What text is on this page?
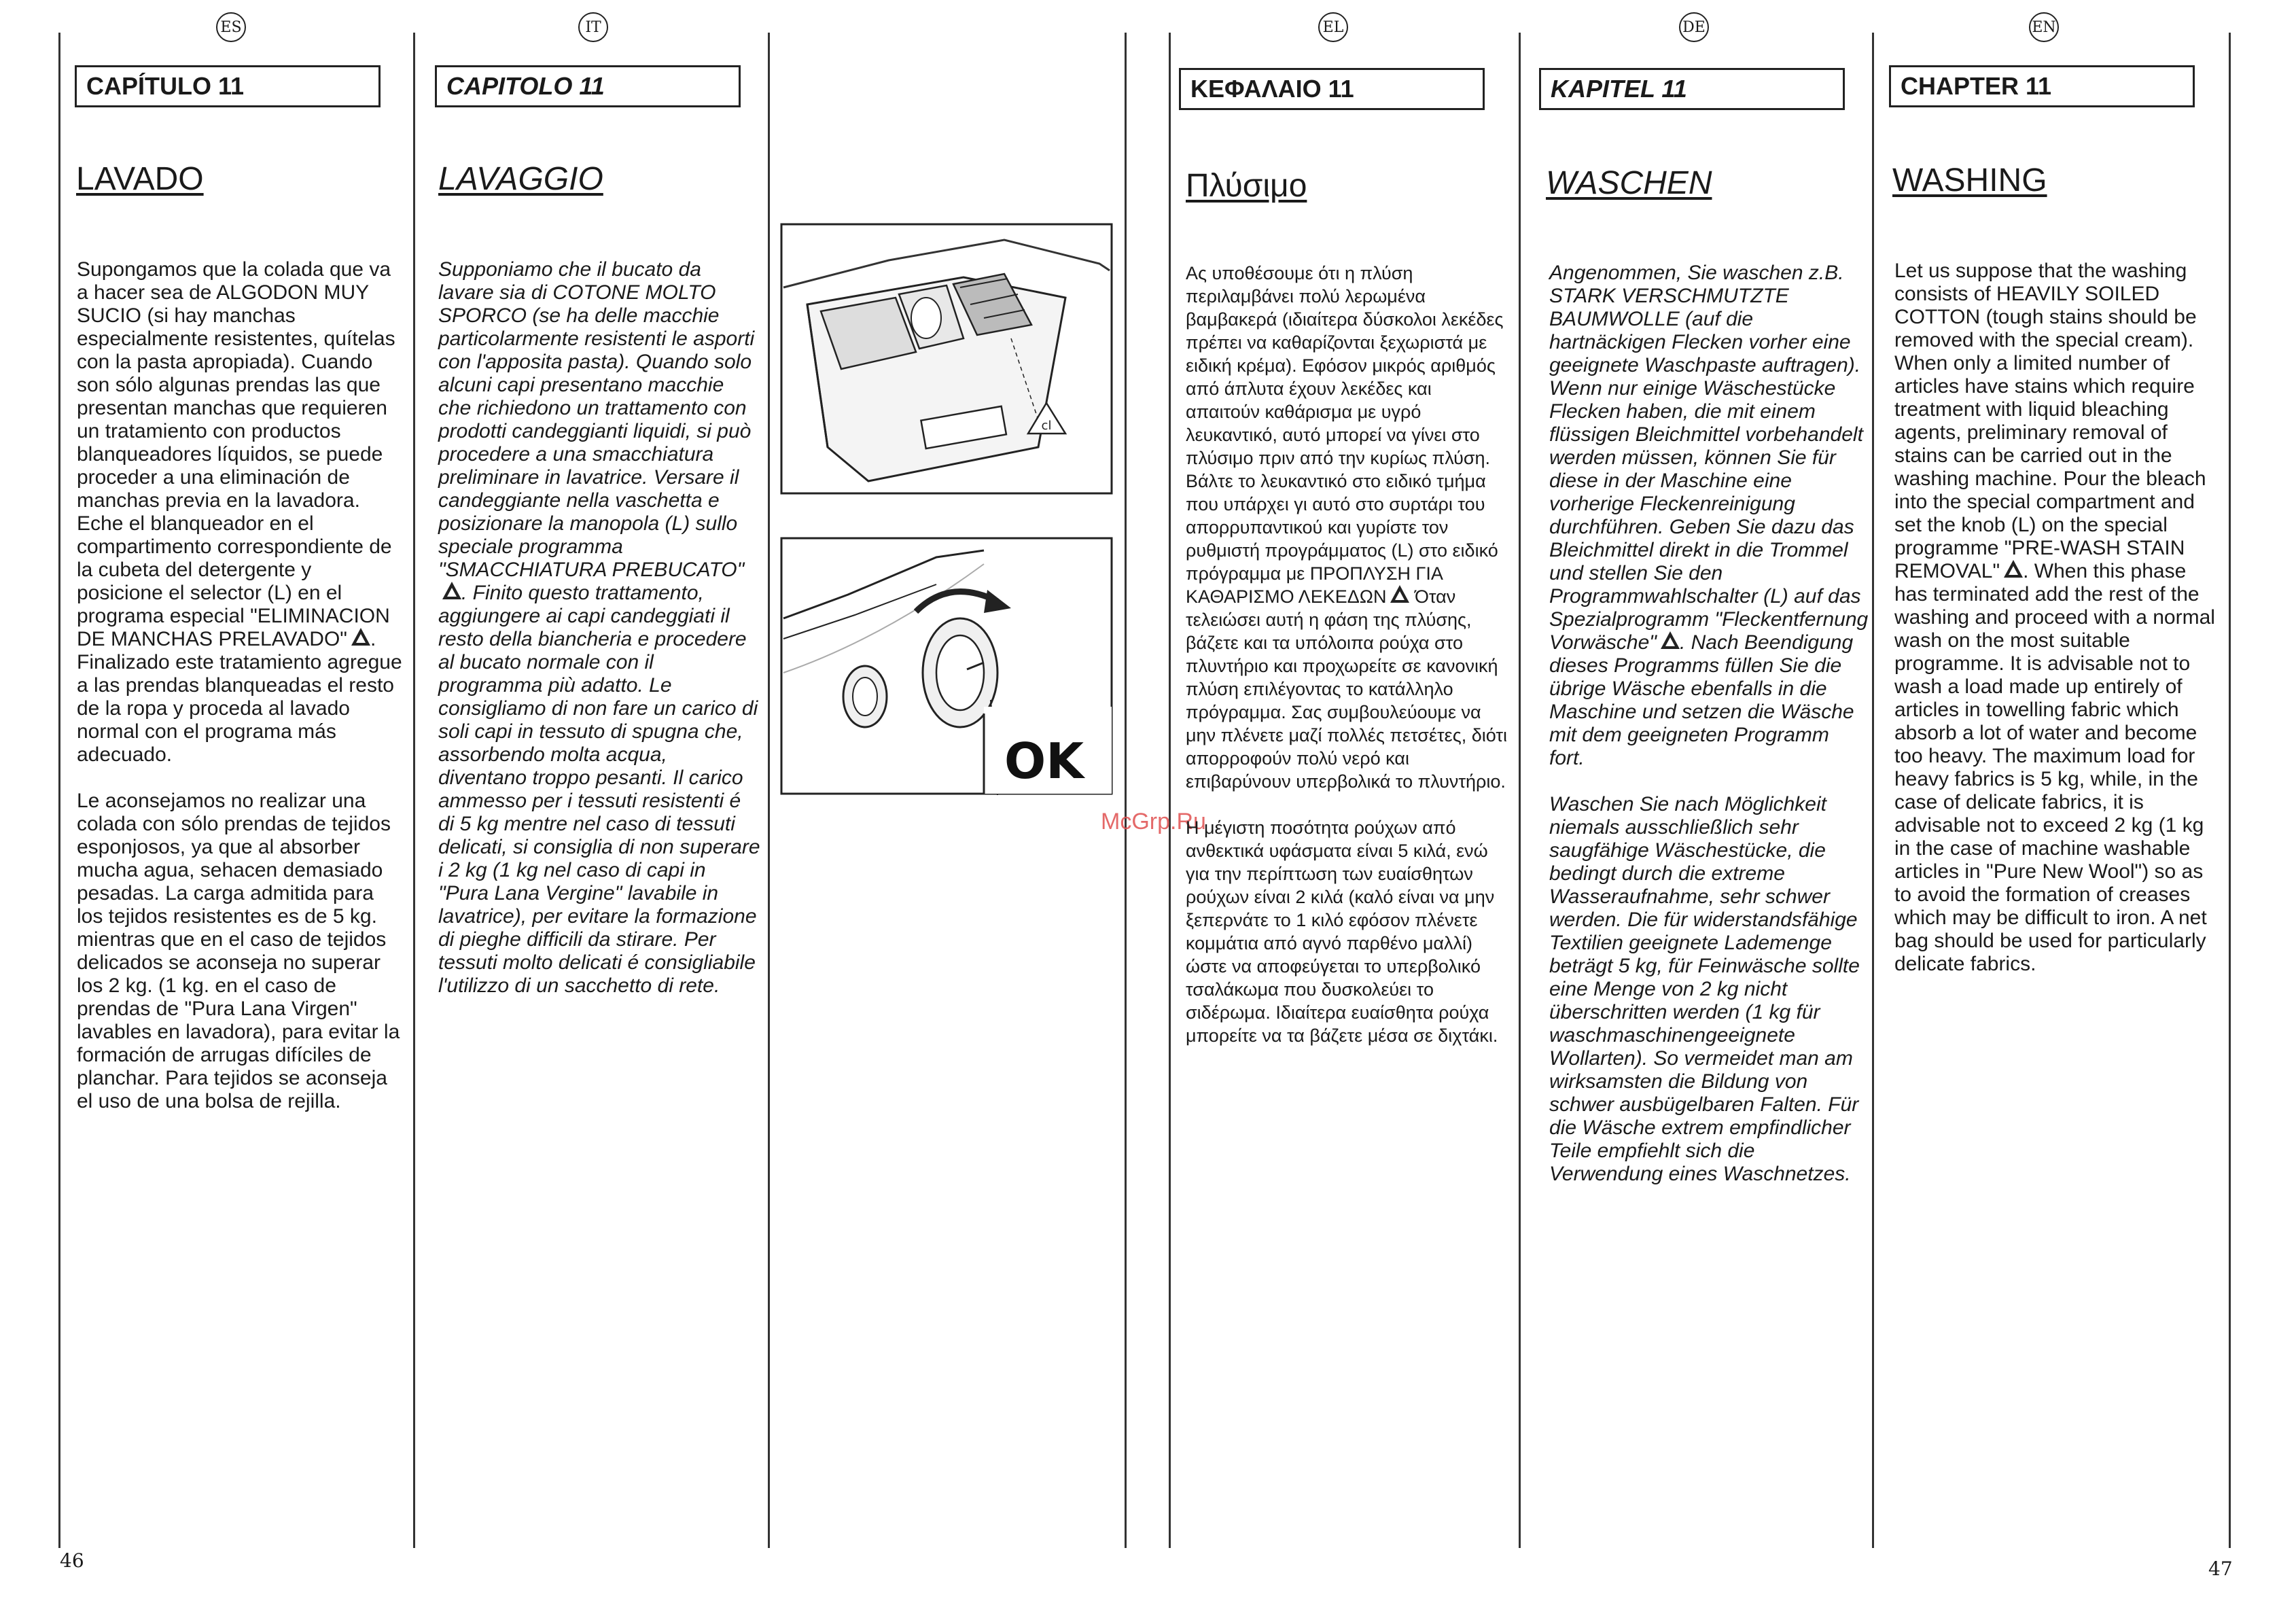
ES	IT	EL	DE	EN
CAPÍTULO 11	CAPITOLO 11	ΚΕΦΑΛΑΙΟ 11	KAPITEL 11	CHAPTER 11
LAVADO	LAVAGGIO	Πλύσιμο	WASCHEN	WASHING

Supongamos que la colada que va a hacer sea de ALGODON MUY SUCIO (si hay manchas especialmente resistentes, quítelas con la pasta apropiada). Cuando son sólo algunas prendas las que presentan manchas que requieren un tratamiento con productos blanqueadores líquidos, se puede proceder a una eliminación de manchas previa en la lavadora. Eche el blanqueador en el compartimento correspondiente de la cubeta del detergente y posicione el selector (L) en el programa especial "ELIMINACION DE MANCHAS PRELAVADO" . Finalizado este tratamiento agregue a las prendas blanqueadas el resto de la ropa y proceda al lavado normal con el programa más adecuado.

Le aconsejamos no realizar una colada con sólo prendas de tejidos esponjosos, ya que al absorber mucha agua, sehacen demasiado pesadas. La carga admitida para los tejidos resistentes es de 5 kg. mientras que en el caso de tejidos delicados se aconseja no superar los 2 kg. (1 kg. en el caso de prendas de "Pura Lana Virgen" lavables en lavadora), para evitar la formación de arrugas difíciles de planchar. Para tejidos se aconseja el uso de una bolsa de rejilla.

Supponiamo che il bucato da lavare sia di COTONE MOLTO SPORCO (se ha delle macchie particolarmente resistenti le asporti con l'apposita pasta). Quando solo alcuni capi presentano macchie che richiedono un trattamento con prodotti candeggianti liquidi, si può procedere a una smacchiatura preliminare in lavatrice. Versare il candeggiante nella vaschetta e posizionare la manopola (L) sullo speciale programma "SMACCHIATURA PREBUCATO". Finito questo trattamento, aggiungere ai capi candeggiati il resto della biancheria e procedere al bucato normale con il programma più adatto. Le consigliamo di non fare un carico di soli capi in tessuto di spugna che, assorbendo molta acqua, diventano troppo pesanti. Il carico ammesso per i tessuti resistenti é di 5 kg mentre nel caso di tessuti delicati, si consiglia di non superare i 2 kg (1 kg nel caso di capi in "Pura Lana Vergine" lavabile in lavatrice), per evitare la formazione di pieghe difficili da stirare. Per tessuti molto delicati é consigliabile l'utilizzo di un sacchetto di rete.

cl
OK
McGrp.Ru

Ας υποθέσουμε ότι η πλύση περιλαμβάνει πολύ λερωμένα βαμβακερά (ιδιαίτερα δύσκολοι λεκέδες πρέπει να καθαρίζονται ξεχωριστά με ειδική κρέμα). Εφόσον μικρός αριθμός από άπλυτα έχουν λεκέδες και απαιτούν καθάρισμα με υγρό λευκαντικό, αυτό μπορεί να γίνει στο πλύσιμο πριν από την κυρίως πλύση. Βάλτε το λευκαντικό στο ειδικό τμήμα που υπάρχει γι αυτό στο συρτάρι του απορρυπαντικού και γυρίστε τον ρυθμιστή προγράμματος (L) στο ειδικό πρόγραμμα με ΠΡΟΠΛΥΣΗ ΓΙΑ ΚΑΘΑΡΙΣΜΟ ΛΕΚΕΔΩΝ Όταν τελειώσει αυτή η φάση της πλύσης, βάζετε και τα υπόλοιπα ρούχα στο πλυντήριο και προχωρείτε σε κανονική πλύση επιλέγοντας το κατάλληλο πρόγραμμα. Σας συμβουλεύουμε να μην πλένετε μαζί πολλές πετσέτες, διότι απορροφούν πολύ νερό και επιβαρύνουν υπερβολικά το πλυντήριο.

Η μέγιστη ποσότητα ρούχων από ανθεκτικά υφάσματα είναι 5 κιλά, ενώ για την περίπτωση των ευαίσθητων ρούχων είναι 2 κιλά (καλό είναι να μην ξεπερνάτε το 1 κιλό εφόσον πλένετε κομμάτια από αγνό παρθένο μαλλί) ώστε να αποφεύγεται το υπερβολικό τσαλάκωμα που δυσκολεύει το σιδέρωμα. Ιδιαίτερα ευαίσθητα ρούχα μπορείτε να τα βάζετε μέσα σε διχτάκι.

Angenommen, Sie waschen z.B. STARK VERSCHMUTZTE BAUMWOLLE (auf die hartnäckigen Flecken vorher eine geeignete Waschpaste auftragen). Wenn nur einige Wäschestücke Flecken haben, die mit einem flüssigen Bleichmittel vorbehandelt werden müssen, können Sie für diese in der Maschine eine vorherige Fleckenreinigung durchführen. Geben Sie dazu das Bleichmittel direkt in die Trommel und stellen Sie den Programmwahlschalter (L) auf das Spezialprogramm "Fleckentfernung Vorwäsche" . Nach Beendigung dieses Programms füllen Sie die übrige Wäsche ebenfalls in die Maschine und setzen die Wäsche mit dem geeigneten Programm fort.

Waschen Sie nach Möglichkeit niemals ausschließlich sehr saugfähige Wäschestücke, die bedingt durch die extreme Wasseraufnahme, sehr schwer werden. Die für widerstandsfähige Textilien geeignete Lademenge beträgt 5 kg, für Feinwäsche sollte eine Menge von 2 kg nicht überschritten werden (1 kg für waschmaschinengeeignete Wollarten). So vermeidet man am wirksamsten die Bildung von schwer ausbügelbaren Falten. Für die Wäsche extrem empfindlicher Teile empfiehlt sich die Verwendung eines Waschnetzes.

Let us suppose that the washing consists of HEAVILY SOILED COTTON (tough stains should be removed with the special cream). When only a limited number of articles have stains which require treatment with liquid bleaching agents, preliminary removal of stains can be carried out in the washing machine. Pour the bleach into the special compartment and set the knob (L) on the special programme "PRE-WASH STAIN REMOVAL" . When this phase has terminated add the rest of the washing and proceed with a normal wash on the most suitable programme. It is advisable not to wash a load made up entirely of articles in towelling fabric which absorb a lot of water and become too heavy. The maximum load for heavy fabrics is 5 kg, while, in the case of delicate fabrics, it is advisable not to exceed 2 kg (1 kg in the case of machine washable articles in "Pure New Wool") so as to avoid the formation of creases which may be difficult to iron. A net bag should be used for particularly delicate fabrics.

46	47
